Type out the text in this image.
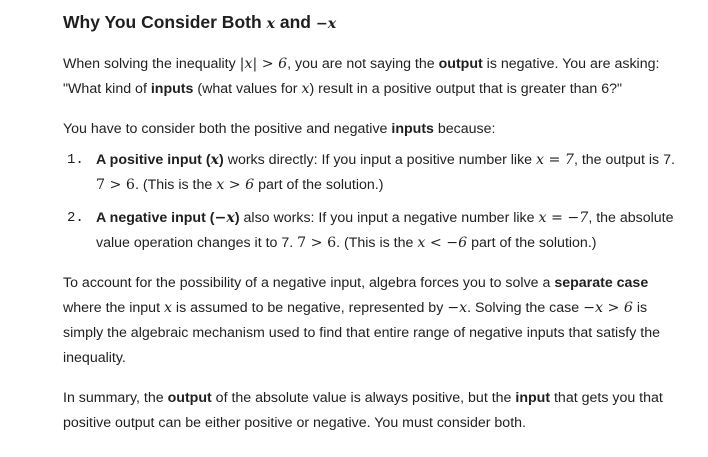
Why You Consider Both x and −x

When solving the inequality |x| > 6, you are not saying the output is negative. You are asking:
"What kind of inputs (what values for x) result in a positive output that is greater than 6?"

You have to consider both the positive and negative inputs because:

1. A positive input (x) works directly: If you input a positive number like x = 7, the output is 7.
7 > 6. (This is the x > 6 part of the solution.)
2. A negative input (−x) also works: If you input a negative number like x = −7, the absolute
value operation changes it to 7. 7 > 6. (This is the x < −6 part of the solution.)

To account for the possibility of a negative input, algebra forces you to solve a separate case
where the input x is assumed to be negative, represented by −x. Solving the case −x > 6 is
simply the algebraic mechanism used to find that entire range of negative inputs that satisfy the
inequality.

In summary, the output of the absolute value is always positive, but the input that gets you that
positive output can be either positive or negative. You must consider both.
